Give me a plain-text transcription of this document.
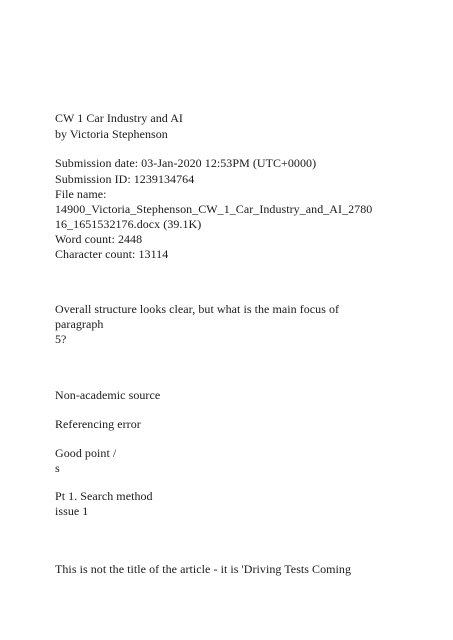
CW 1 Car Industry and AI
by Victoria Stephenson
Submission date: 03-Jan-2020 12:53PM (UTC+0000)
Submission ID: 1239134764
File name:
14900_Victoria_Stephenson_CW_1_Car_Industry_and_AI_2780
16_1651532176.docx (39.1K)
Word count: 2448
Character count: 13114
Overall structure looks clear, but what is the main focus of
paragraph
5?
Non-academic source
Referencing error
Good point /
s
Pt 1. Search method
issue 1
This is not the title of the article - it is 'Driving Tests Coming
